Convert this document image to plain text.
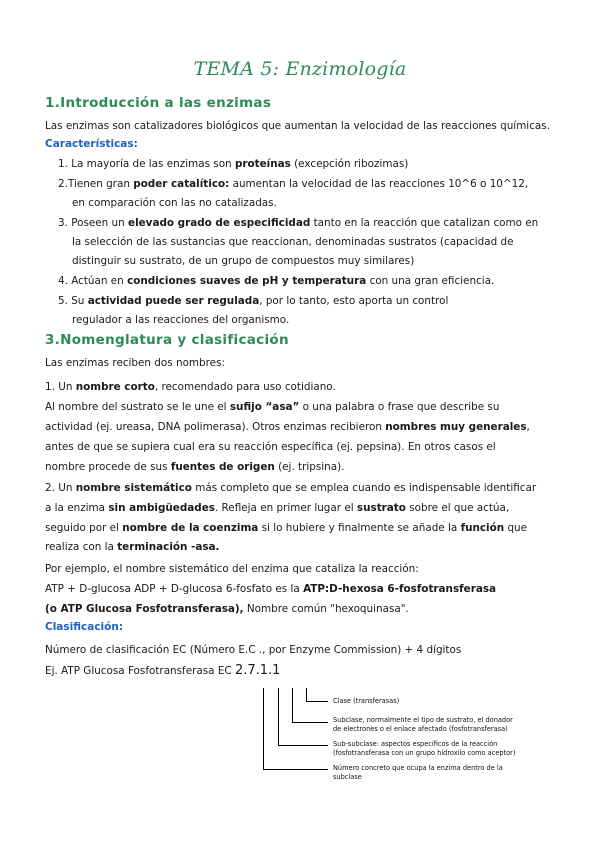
TEMA 5: Enzimología
1.Introducción a las enzimas
Las enzimas son catalizadores biológicos que aumentan la velocidad de las reacciones químicas.
Características:
1. La mayoría de las enzimas son proteínas (excepción ribozimas)
2.Tienen gran poder catalítico: aumentan la velocidad de las reacciones 10^6 o 10^12,
en comparación con las no catalizadas.
3. Poseen un elevado grado de especificidad tanto en la reacción que catalizan como en
la selección de las sustancias que reaccionan, denominadas sustratos (capacidad de
distinguir su sustrato, de un grupo de compuestos muy similares)
4. Actúan en condiciones suaves de pH y temperatura con una gran eficiencia.
5. Su actividad puede ser regulada, por lo tanto, esto aporta un control
regulador a las reacciones del organismo.
3.Nomenglatura y clasificación
Las enzimas reciben dos nombres:
1. Un nombre corto, recomendado para uso cotidiano.
Al nombre del sustrato se le une el sufijo “asa” o una palabra o frase que describe su
actividad (ej. ureasa, DNA polimerasa). Otros enzimas recibieron nombres muy generales,
antes de que se supiera cual era su reacción específica (ej. pepsina). En otros casos el
nombre procede de sus fuentes de origen (ej. tripsina).
2. Un nombre sistemático más completo que se emplea cuando es indispensable identificar
a la enzima sin ambigüedades. Refleja en primer lugar el sustrato sobre el que actúa,
seguido por el nombre de la coenzima si lo hubiere y finalmente se añade la función que
realiza con la terminación -asa.
Por ejemplo, el nombre sistemático del enzima que cataliza la reacción:
ATP + D-glucosa ADP + D-glucosa 6-fosfato es la ATP:D-hexosa 6-fosfotransferasa
(o ATP Glucosa Fosfotransferasa), Nombre común "hexoquinasa".
Clasificación:
Número de clasificación EC (Número E.C ., por Enzyme Commission) + 4 dígitos
Ej. ATP Glucosa Fosfotransferasa EC 2.7.1.1
Clase (transferasas)
Subclase, normalmente el tipo de sustrato, el donador
de electrones o el enlace afectado (fosfotransferasa)
Sub-subclase: aspectos específicos de la reacción
(fosfotransferasa con un grupo hidroxilo como aceptor)
Número concreto que ocupa la enzima dentro de la
subclase
